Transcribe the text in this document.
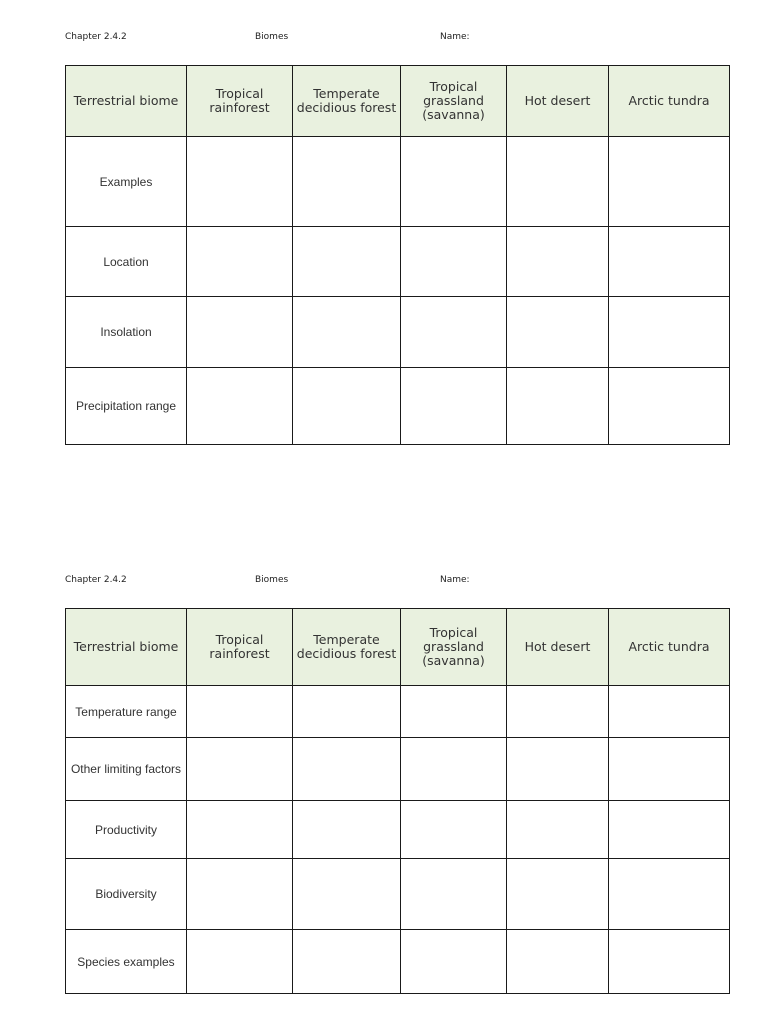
Chapter 2.4.2	Biomes	Name:
Terrestrial biome	Tropical rainforest	Temperate decidious forest	Tropical grassland (savanna)	Hot desert	Arctic tundra
Examples					
Location					
Insolation					
Precipitation range					
Chapter 2.4.2	Biomes	Name:
Terrestrial biome	Tropical rainforest	Temperate decidious forest	Tropical grassland (savanna)	Hot desert	Arctic tundra
Temperature range					
Other limiting factors					
Productivity					
Biodiversity					
Species examples					
